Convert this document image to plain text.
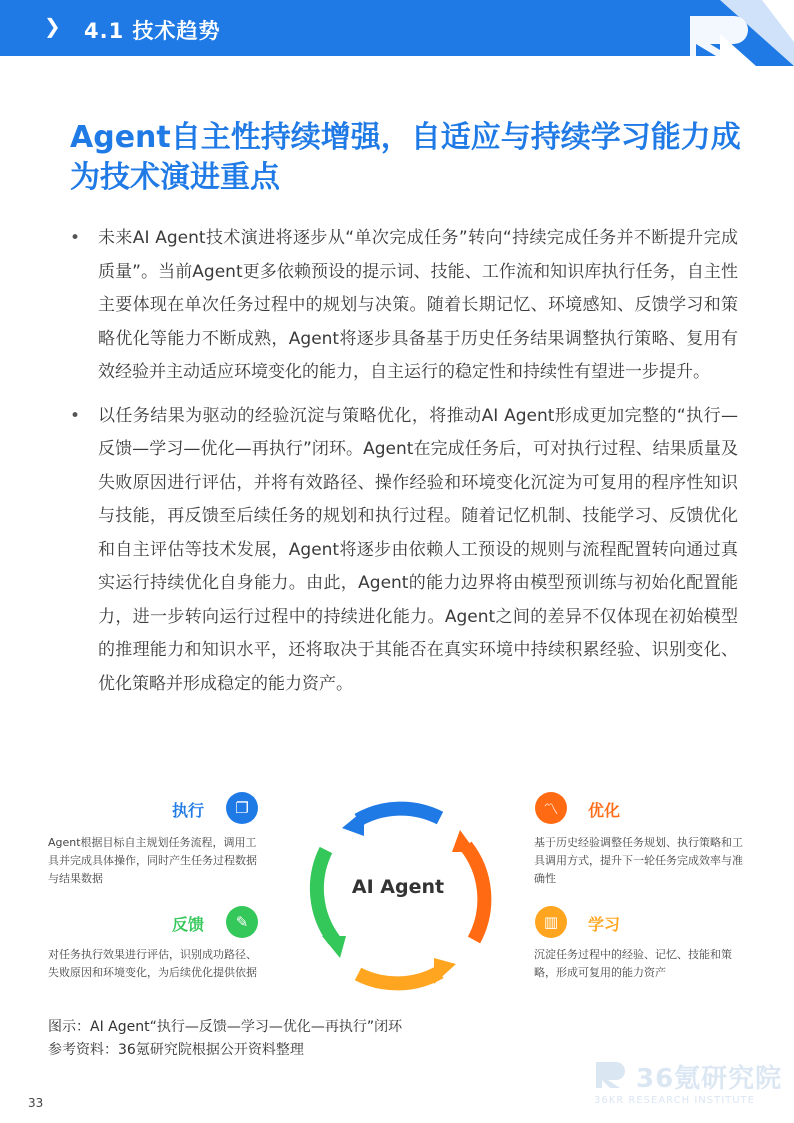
❯ 4.1 技术趋势
Agent自主性持续增强，自适应与持续学习能力成为技术演进重点
• 未来AI Agent技术演进将逐步从“单次完成任务”转向“持续完成任务并不断提升完成质量”。当前Agent更多依赖预设的提示词、技能、工作流和知识库执行任务，自主性主要体现在单次任务过程中的规划与决策。随着长期记忆、环境感知、反馈学习和策略优化等能力不断成熟，Agent将逐步具备基于历史任务结果调整执行策略、复用有效经验并主动适应环境变化的能力，自主运行的稳定性和持续性有望进一步提升。
• 以任务结果为驱动的经验沉淀与策略优化，将推动AI Agent形成更加完整的“执行—反馈—学习—优化—再执行”闭环。Agent在完成任务后，可对执行过程、结果质量及失败原因进行评估，并将有效路径、操作经验和环境变化沉淀为可复用的程序性知识与技能，再反馈至后续任务的规划和执行过程。随着记忆机制、技能学习、反馈优化和自主评估等技术发展，Agent将逐步由依赖人工预设的规则与流程配置转向通过真实运行持续优化自身能力。由此，Agent的能力边界将由模型预训练与初始化配置能力，进一步转向运行过程中的持续进化能力。Agent之间的差异不仅体现在初始模型的推理能力和知识水平，还将取决于其能否在真实环境中持续积累经验、识别变化、优化策略并形成稳定的能力资产。
AI Agent
执行	❐
Agent根据目标自主规划任务流程，调用工具并完成具体操作，同时产生任务过程数据与结果数据
反馈	✎
对任务执行效果进行评估，识别成功路径、失败原因和环境变化，为后续优化提供依据
〽	优化
基于历史经验调整任务规划、执行策略和工具调用方式，提升下一轮任务完成效率与准确性
▥	学习
沉淀任务过程中的经验、记忆、技能和策略，形成可复用的能力资产
图示：AI Agent“执行—反馈—学习—优化—再执行”闭环
参考资料：36氪研究院根据公开资料整理
33
36氪研究院
36KR RESEARCH INSTITUTE
